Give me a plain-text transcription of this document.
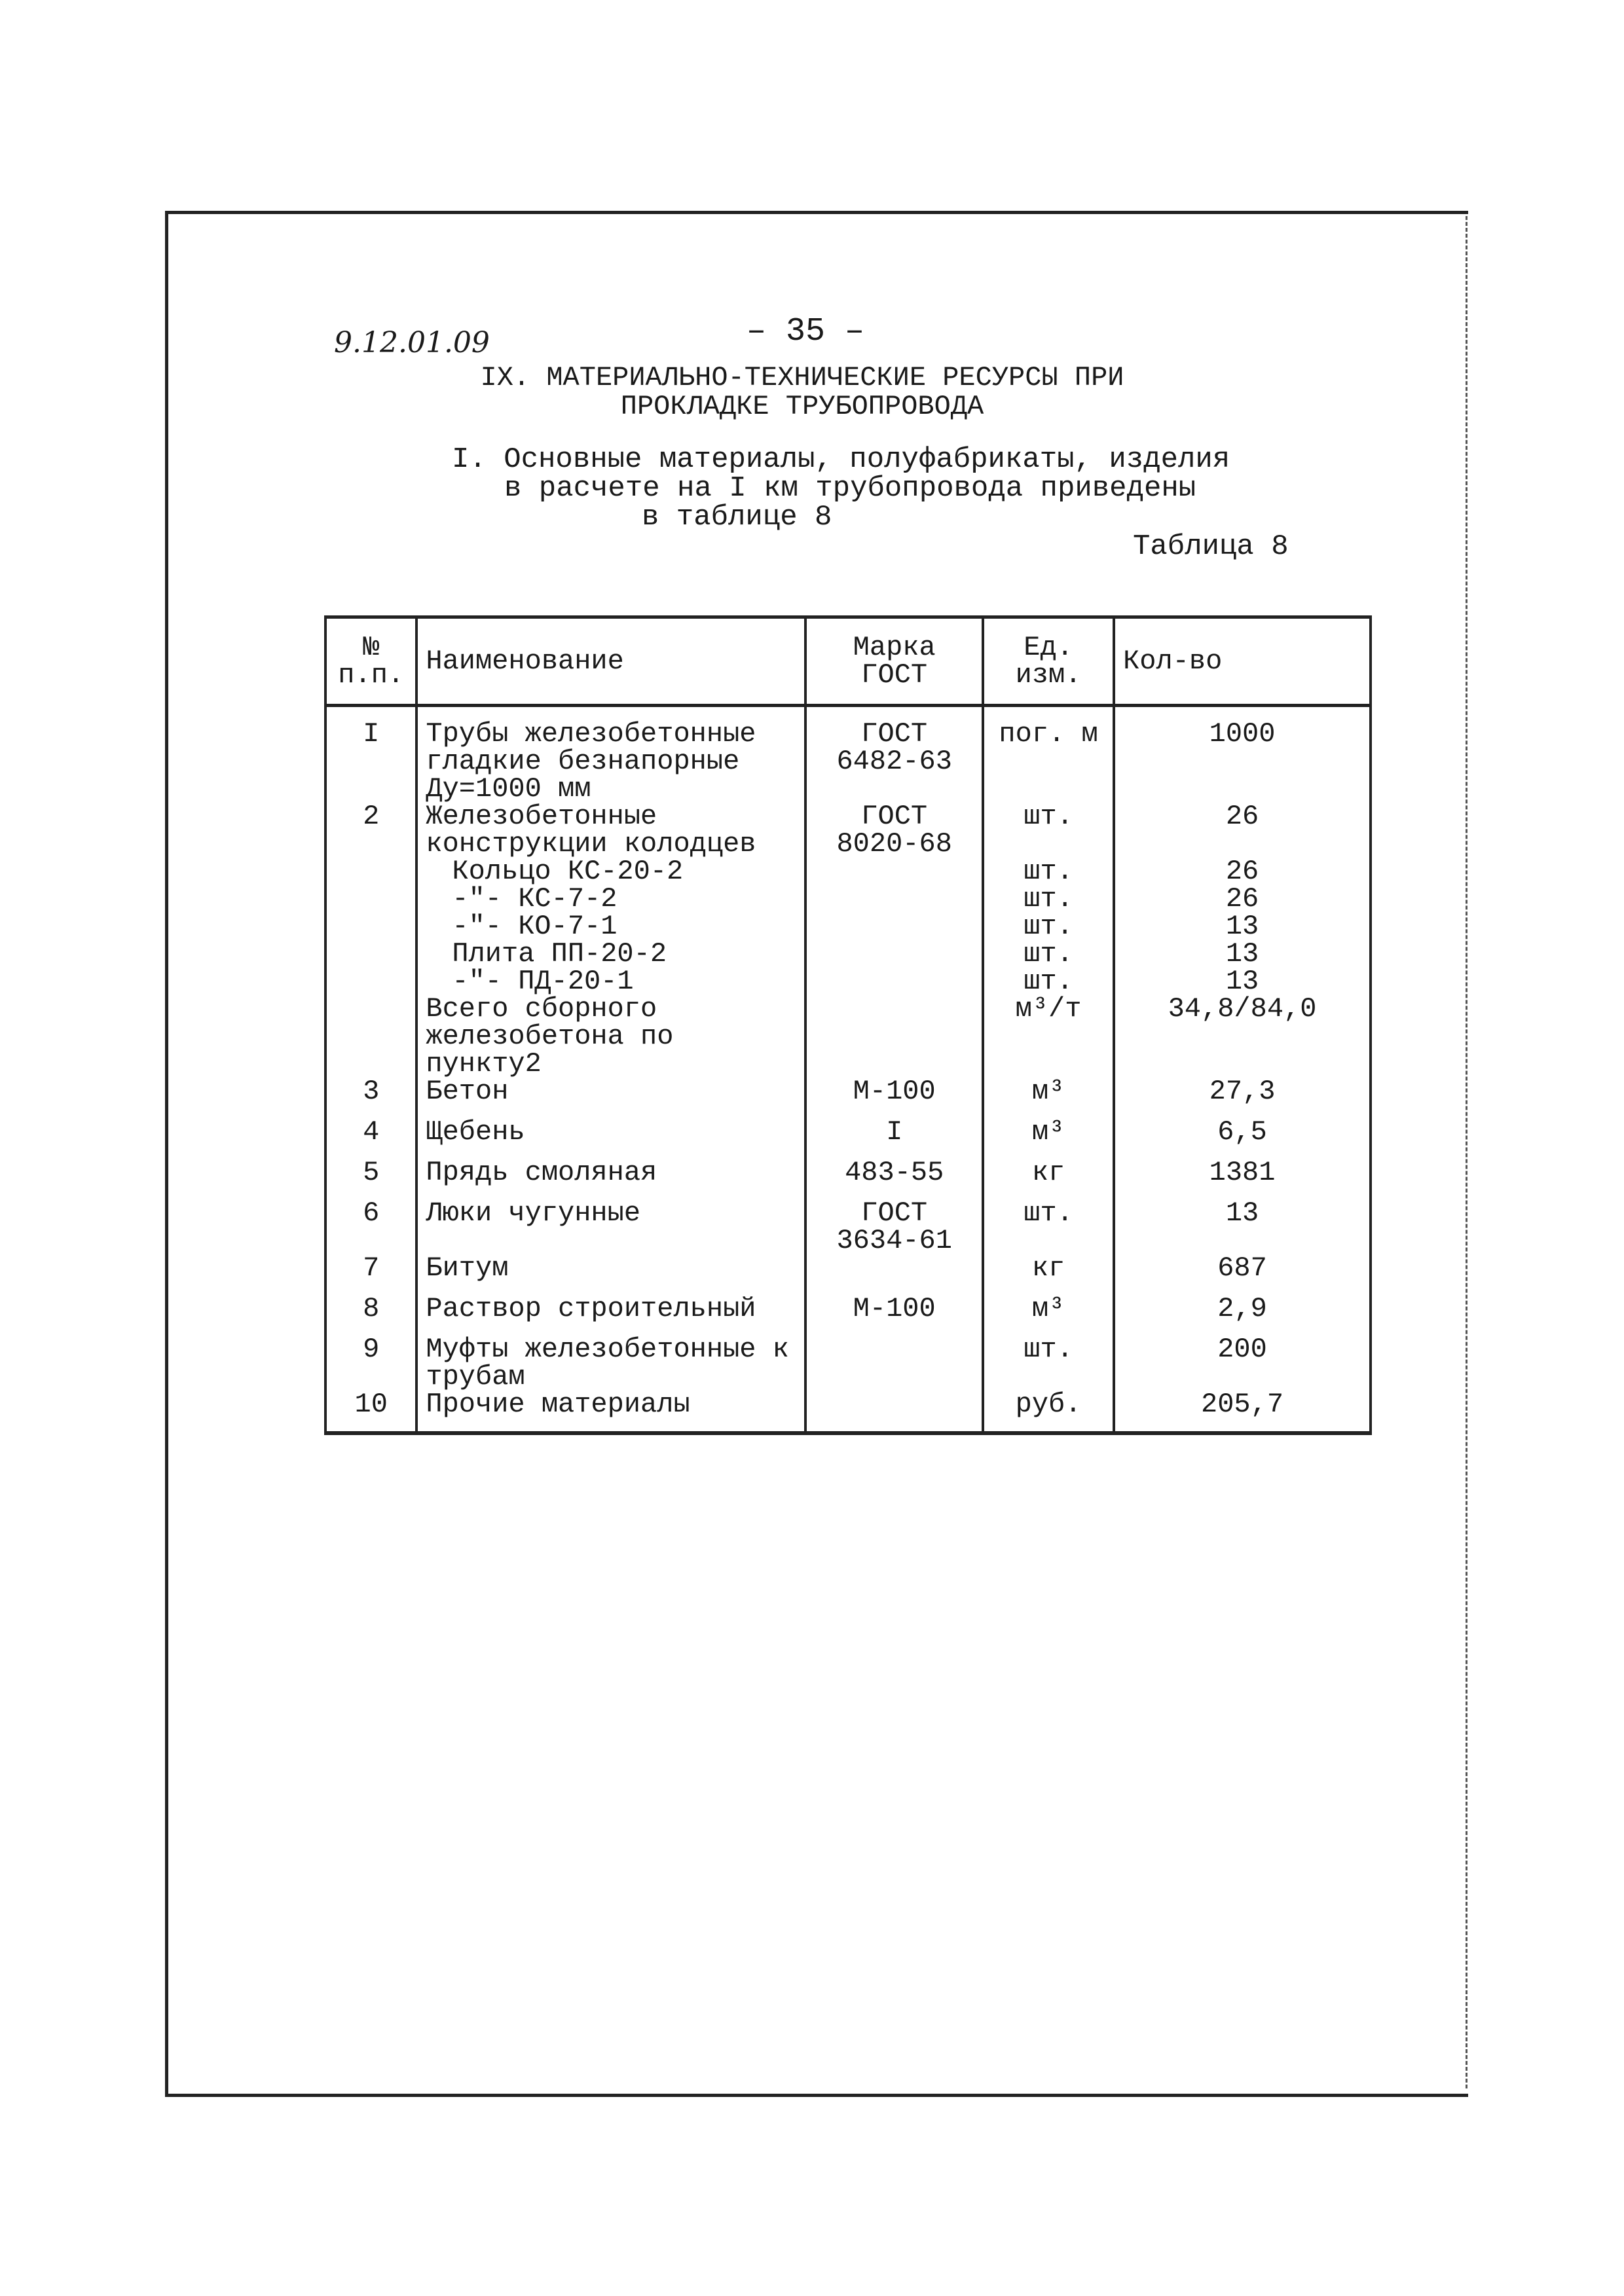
9.12.01.09	– 35 –
IX. МАТЕРИАЛЬНО-ТЕХНИЧЕСКИЕ РЕСУРСЫ ПРИ ПРОКЛАДКЕ ТРУБОПРОВОДА
I. Основные материалы, полуфабрикаты, изделия
в расчете на I км трубопровода приведены
в таблице 8
Таблица 8
№ п.п.	Наименование	Марка ГОСТ	Ед. изм.	Кол-во

I	Трубы железобетонные гладкие безнапорные Ду=1000 мм	ГОСТ 6482-63	пог. м	1000

2	Железобетонные конструкции колодцев	ГОСТ 8020-68	шт.	26

	Кольцо КС-20-2		шт.	26

	-"- КС-7-2		шт.	26

	-"- КО-7-1		шт.	13

	Плита ПП-20-2		шт.	13

	-"- ПД-20-1		шт.	13

	Всего сборного железобетона по пункту2		м³/т	34,8/84,0

3	Бетон	М-100	м³	27,3

4	Щебень	I	м³	6,5

5	Прядь смоляная	483-55	кг	1381

6	Люки чугунные	ГОСТ 3634-61	шт.	13

7	Битум		кг	687

8	Раствор строительный	М-100	м³	2,9

9	Муфты железобетонные к трубам		шт.	200

10	Прочие материалы		руб.	205,7
